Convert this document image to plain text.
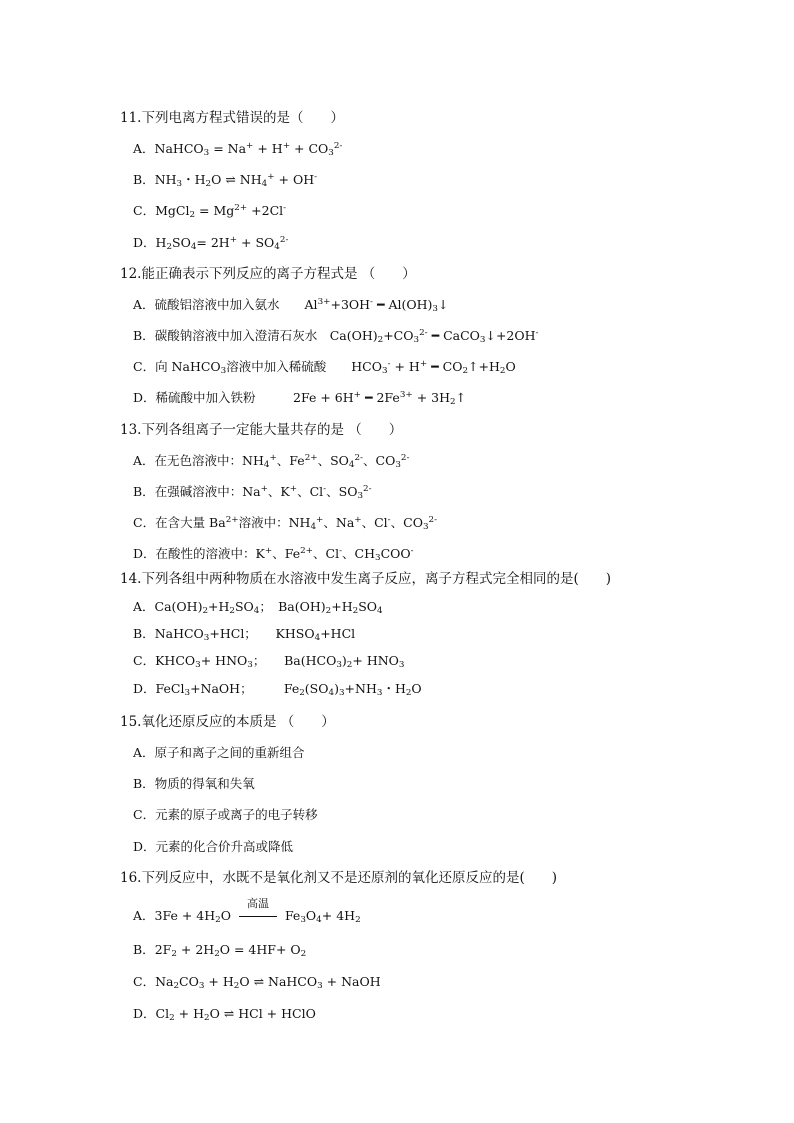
11.下列电离方程式错误的是（　　）
A．NaHCO$_3$ = $Na^+ + H^+ + CO_3^{2-}$
B．$NH_3$・$H_2O$ ⇌ $NH_4^+ + OH^-$
C．MgCl$_2$ = $Mg^{2+} +2Cl^-$
D．$H_2SO_4= 2H^+ + SO_4^{2-}$
12.能正确表示下列反应的离子方程式是 （　　）
A．硫酸铝溶液中加入氨水　　$Al^{3+}+3OH^-$ ━ $Al(OH)_3↓$
B．碳酸钠溶液中加入澄清石灰水　$Ca(OH)_2+CO_3^{2-}$ ━ CaCO$_3$↓+2OH-
C．向 NaHCO$_3$溶液中加入稀硫酸　　$HCO_3^- + H^+$ ━ $CO_2↑+H_2O$
D．稀硫酸中加入铁粉　　　2Fe + 6H+ ━ $2Fe^{3+}$ + $3H_2↑$
13.下列各组离子一定能大量共存的是 （　　）
A．在无色溶液中：$NH_4^+$、$Fe^{2+}$、$SO_4^{2-}$、$CO_3^{2-}$
B．在强碱溶液中：Na+、K+、Cl-、$SO_3^{2-}$
C．在含大量 $Ba^{2+}$溶液中：$NH_4^+$、Na+、Cl-、$CO_3^{2-}$
D．在酸性的溶液中：K+、$Fe^{2+}$、Cl-、$CH_3COO^-$
14.下列各组中两种物质在水溶液中发生离子反应，离子方程式完全相同的是(　　)
A．$Ca(OH)_2+H_2SO_4$；　$Ba(OH)_2+H_2SO_4$
B．NaHCO$_3$+HCl；　　$KHSO_4+HCl$
C．$KHCO_3+ HNO_3$；　　$Ba(HCO_3)_2+ HNO_3$
D．FeCl$_3$+NaOH；　　　$Fe_2(SO_4)_3+NH_3$・$H_2O$
15.氧化还原反应的本质是 （　　）
A．原子和离子之间的重新组合
B．物质的得氧和失氧
C．元素的原子或离子的电子转移
D．元素的化合价升高或降低
16.下列反应中，水既不是氧化剂又不是还原剂的氧化还原反应的是(　　)
A．$3Fe + 4H_2O$
高温
$Fe_3O_4+ 4H_2$
B．$2F_2 + 2H_2O = 4HF+ O_2$
C．$Na_2CO_3 + H_2O$ ⇌ NaHCO$_3$ + NaOH
D．$Cl_2 + H_2O$ ⇌ HCl + HClO
